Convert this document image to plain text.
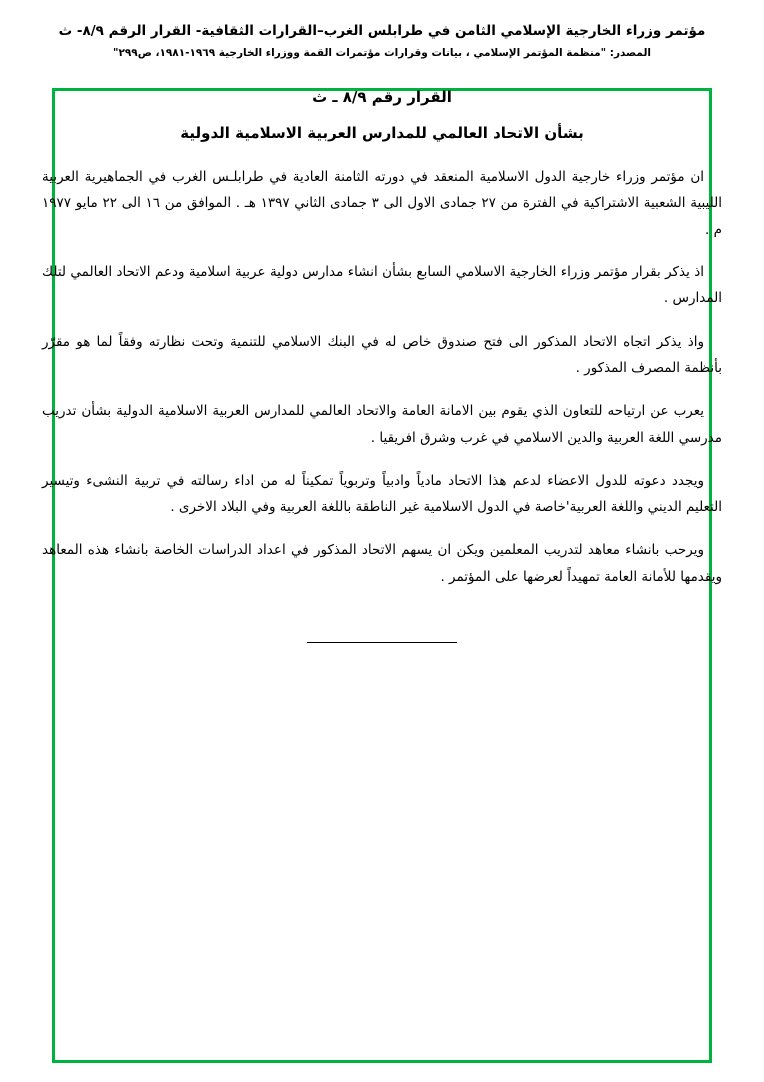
مؤتمر وزراء الخارجية الإسلامي الثامن في طرابلس الغرب–القرارات الثقافية- القرار الرقم ٨/٩- ث
المصدر: "منظمة المؤتمر الإسلامي ، بيانات وقرارات مؤتمرات القمة ووزراء الخارجية ١٩٦٩-١٩٨١، ص٢٩٩"
القرار رقم ٨/٩ ـ ث
بشأن الاتحاد العالمي للمدارس العربية الاسلامية الدولية

ان مؤتمر وزراء خارجية الدول الاسلامية المنعقد في دورته الثامنة العادية في طرابلـس الغرب في الجماهيرية العربية الليبية الشعبية الاشتراكية في الفترة من ٢٧ جمادى الاول الى ٣ جمادى الثاني ١٣٩٧ هـ . الموافق من ١٦ الى ٢٢ مايو ١٩٧٧ م .

اذ يذكر بقرار مؤتمر وزراء الخارجية الاسلامي السابع بشأن انشاء مدارس دولية عربية اسلامية ودعم الاتحاد العالمي لتلك المدارس .

واذ يذكر اتجاه الاتحاد المذكور الى فتح صندوق خاص له في البنك الاسلامي للتنمية وتحت نظارته وفقاً لما هو مقرّر بأنظمة المصرف المذكور .

يعرب عن ارتياحه للتعاون الذي يقوم بين الامانة العامة والاتحاد العالمي للمدارس العربية الاسلامية الدولية بشأن تدريب مدرسي اللغة العربية والدين الاسلامي في غرب وشرق افريقيا .

ويجدد دعوته للدول الاعضاء لدعم هذا الاتحاد مادياً وادبياً وتربوياً تمكيناً له من اداء رسالته في تربية النشىء وتيسير التعليم الديني واللغة العربية'خاصة في الدول الاسلامية غير الناطقة باللغة العربية وفي البلاد الاخرى .

ويرحب بانشاء معاهد لتدريب المعلمين ويكن ان يسهم الاتحاد المذكور في اعداد الدراسات الخاصة بانشاء هذه المعاهد ويقدمها للأمانة العامة تمهيداً لعرضها على المؤتمر .
